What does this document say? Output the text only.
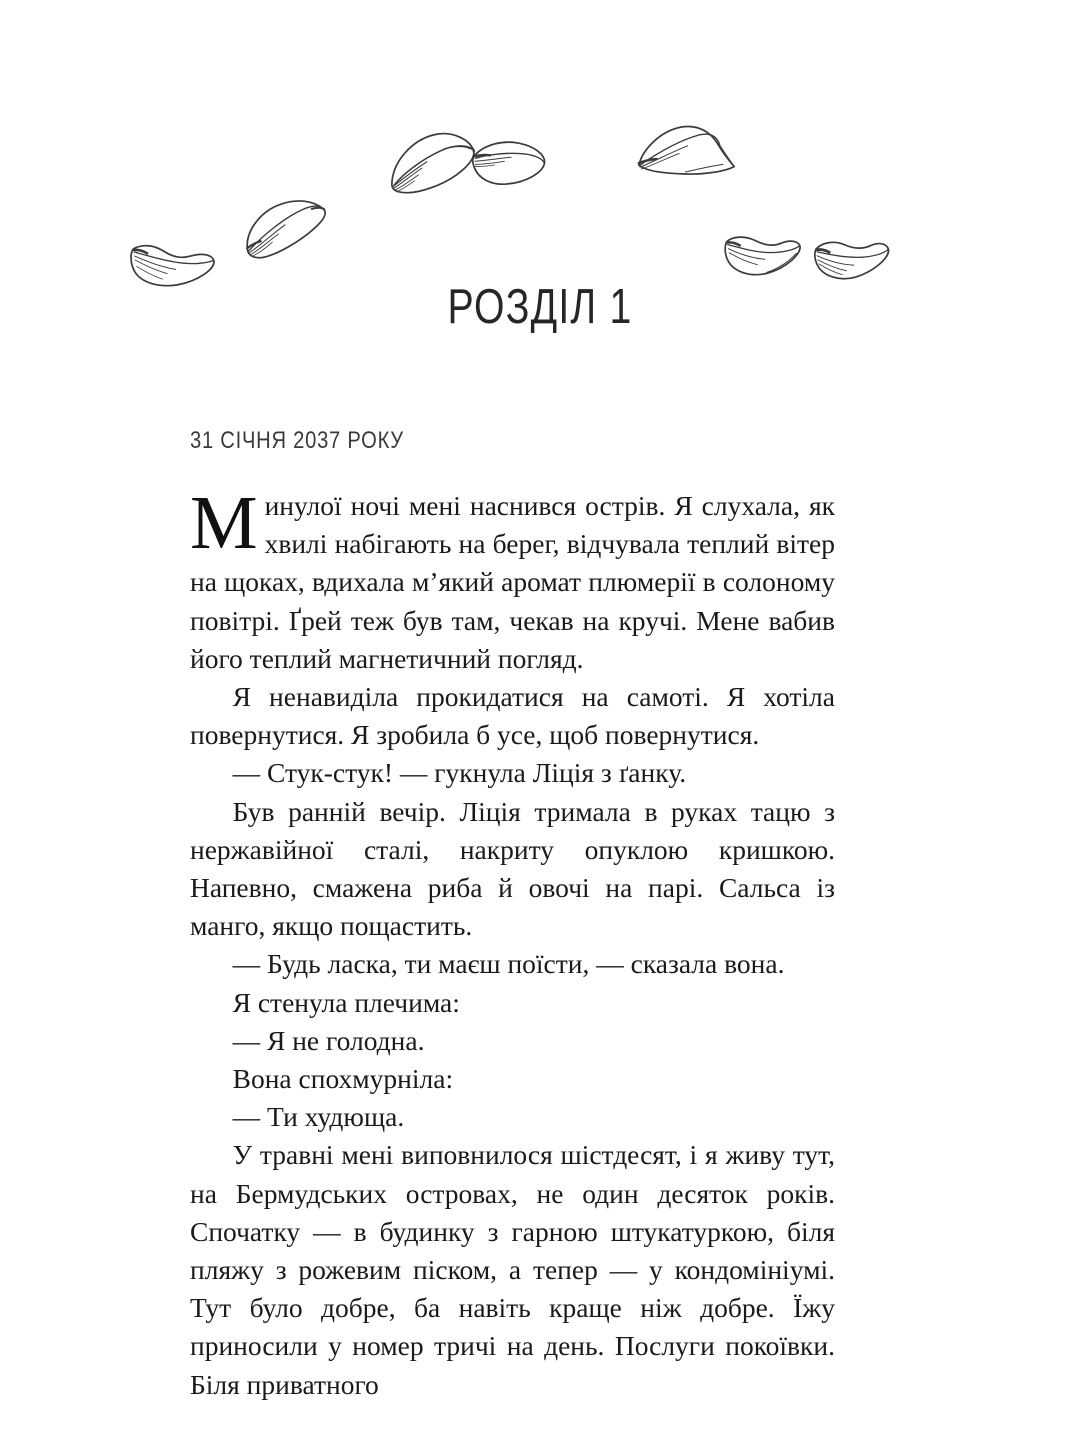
РОЗДІЛ 1
31 СІЧНЯ 2037 РОКУ

Минулої ночі мені наснився острів. Я слухала, як хвилі набігають на берег, відчувала теплий вітер на щоках, вдихала м’який аромат плюмерії в солоному повітрі. Ґрей теж був там, чекав на кручі. Мене вабив його теплий магнетичний погляд.

Я ненавиділа прокидатися на самоті. Я хотіла повернутися. Я зробила б усе, щоб повернутися.

— Стук-стук! — гукнула Ліція з ґанку.

Був ранній вечір. Ліція тримала в руках тацю з нержавійної сталі, накриту опуклою кришкою. Напевно, смажена риба й овочі на парі. Сальса із манго, якщо пощастить.

— Будь ласка, ти маєш поїсти, — сказала вона.

Я стенула плечима:

— Я не голодна.

Вона спохмурніла:

— Ти худюща.

У травні мені виповнилося шістдесят, і я живу тут, на Бермудських островах, не один десяток років. Спочатку — в будинку з гарною штукатуркою, біля пляжу з рожевим піском, а тепер — у кондомініумі. Тут було добре, ба навіть краще ніж добре. Їжу приносили у номер тричі на день. Послуги покоївки. Біля приватного
